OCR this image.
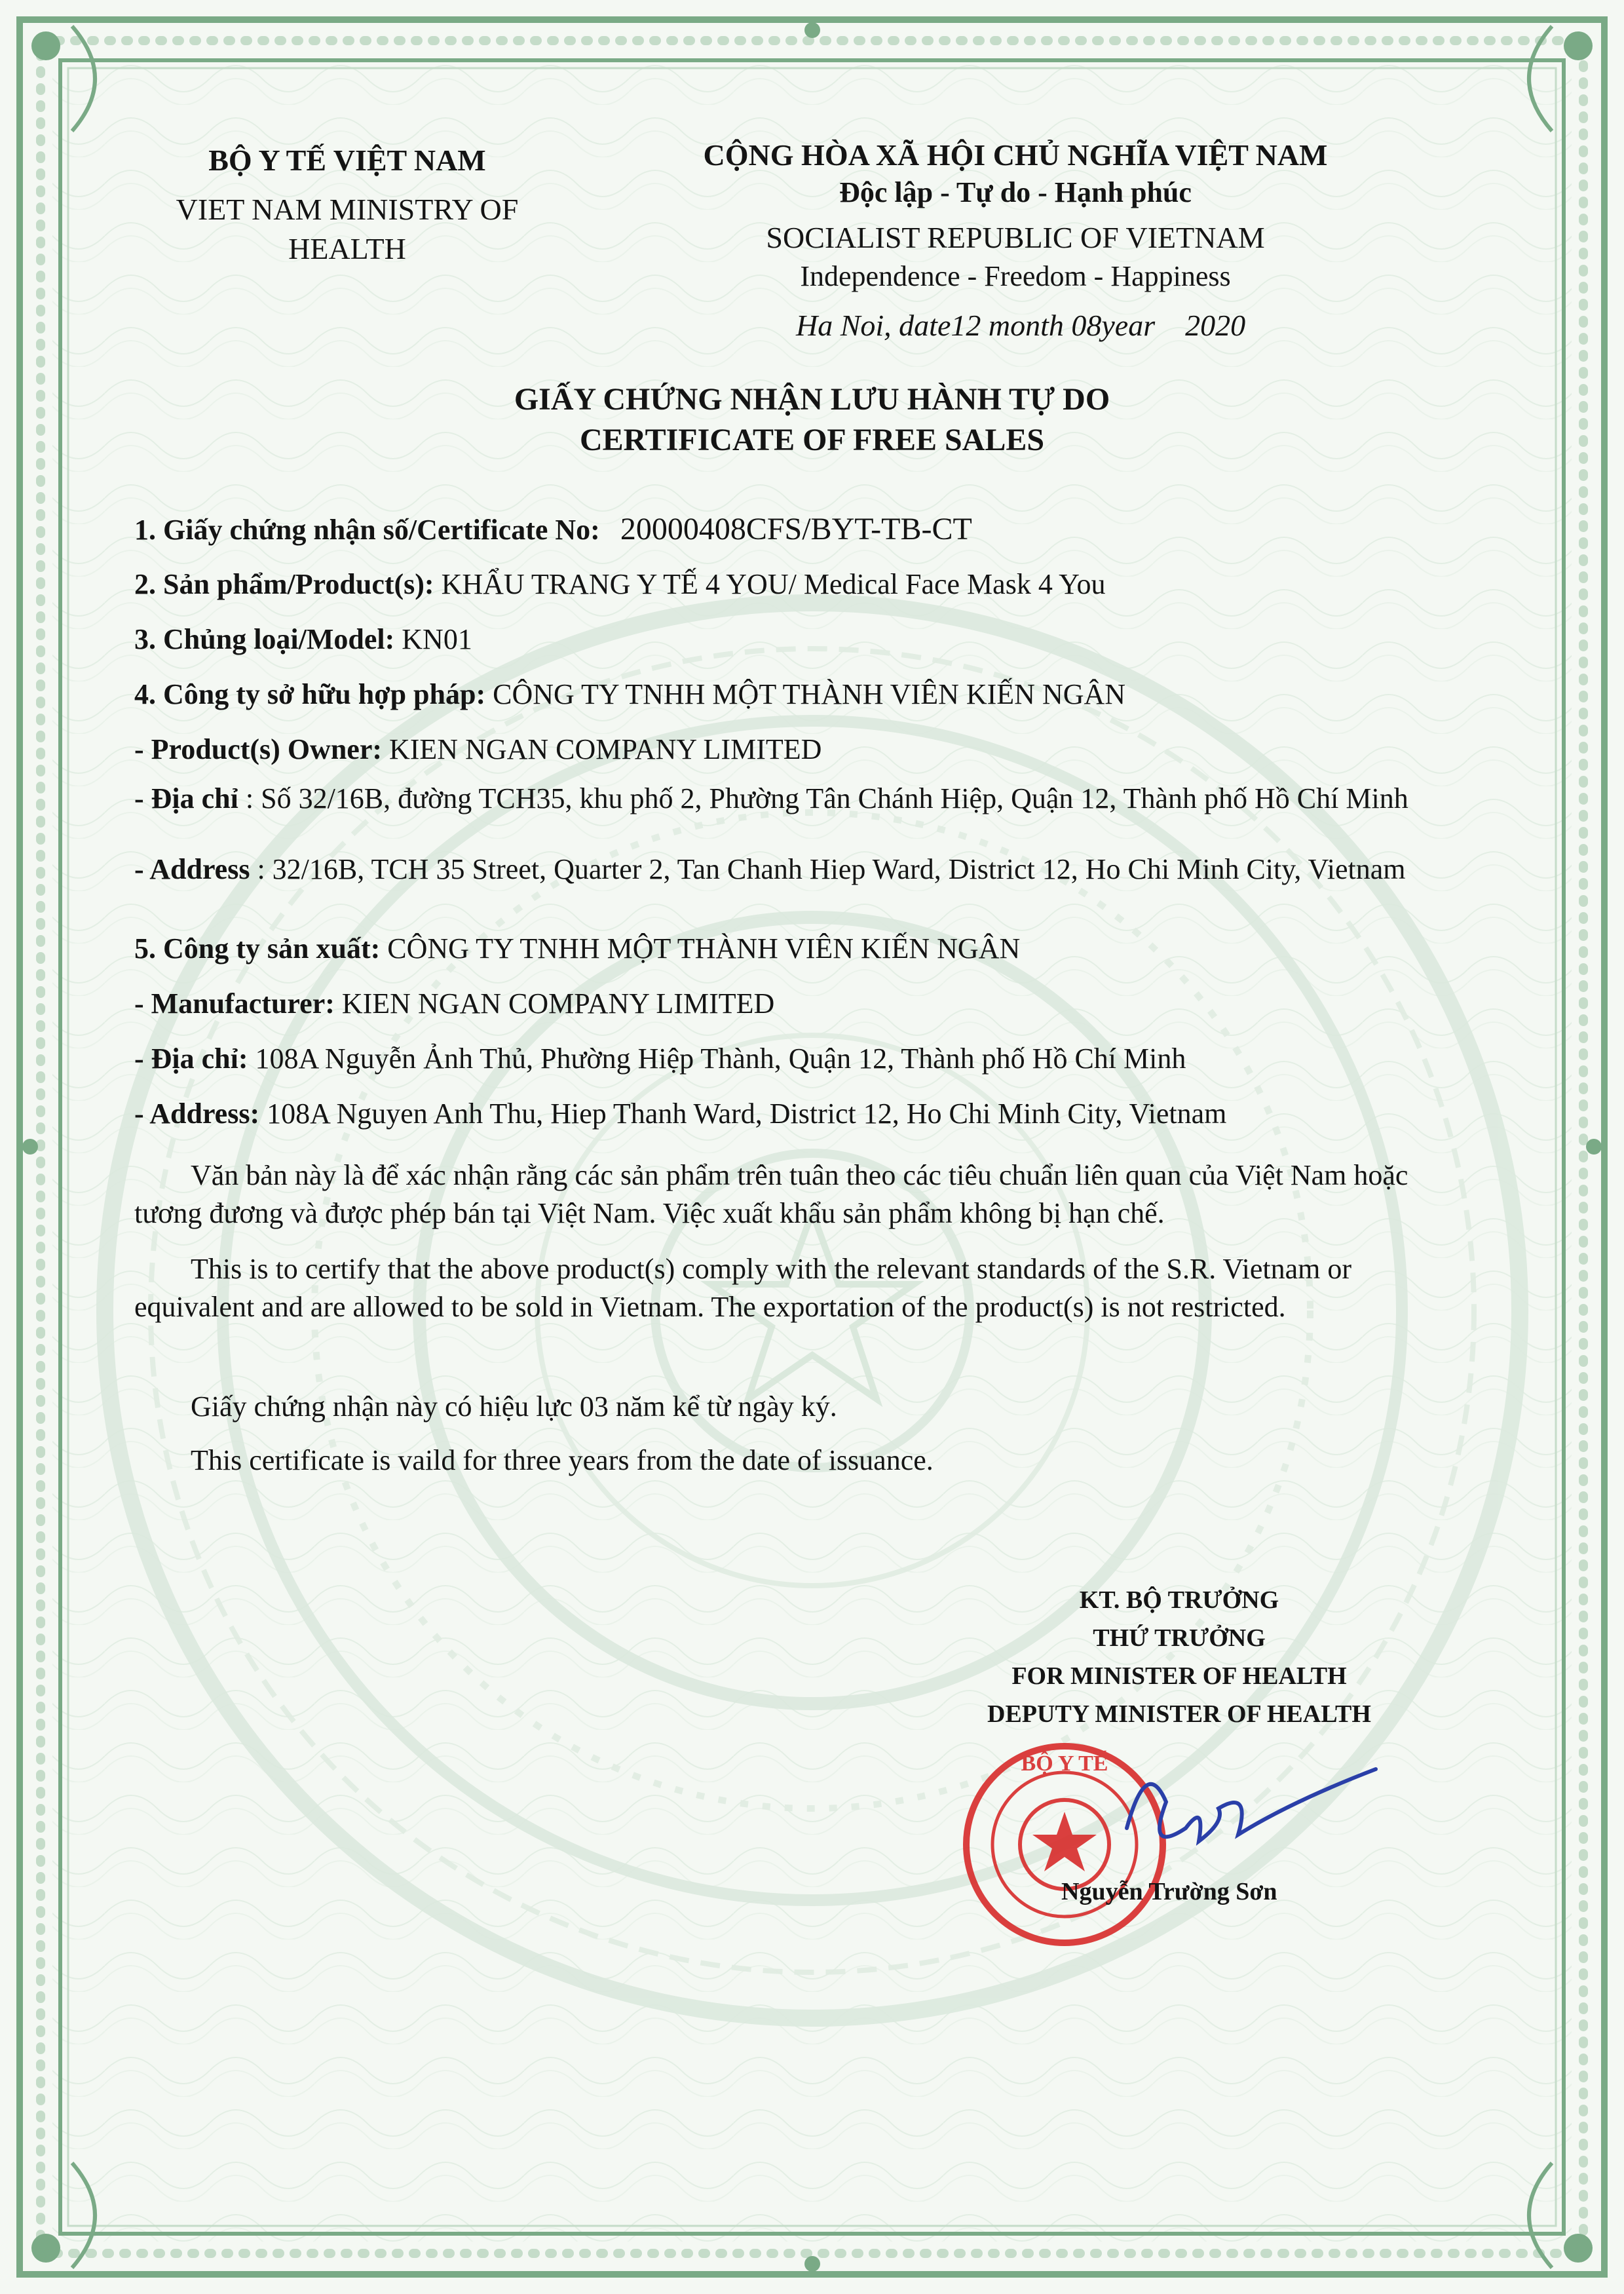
BỘ Y TẾ VIỆT NAM
VIET NAM MINISTRY OF HEALTH
CỘNG HÒA XÃ HỘI CHỦ NGHĨA VIỆT NAM
Độc lập - Tự do - Hạnh phúc
SOCIALIST REPUBLIC OF VIETNAM
Independence - Freedom - Happiness
Ha Noi, date12 month 08year 2020
GIẤY CHỨNG NHẬN LƯU HÀNH TỰ DO
CERTIFICATE OF FREE SALES
1. Giấy chứng nhận số/Certificate No: 20000408CFS/BYT-TB-CT
2. Sản phẩm/Product(s): KHẨU TRANG Y TẾ 4 YOU/ Medical Face Mask 4 You
3. Chủng loại/Model: KN01
4. Công ty sở hữu hợp pháp: CÔNG TY TNHH MỘT THÀNH VIÊN KIẾN NGÂN
- Product(s) Owner: KIEN NGAN COMPANY LIMITED
- Địa chỉ : Số 32/16B, đường TCH35, khu phố 2, Phường Tân Chánh Hiệp, Quận 12, Thành phố Hồ Chí Minh
- Address : 32/16B, TCH 35 Street, Quarter 2, Tan Chanh Hiep Ward, District 12, Ho Chi Minh City, Vietnam
5. Công ty sản xuất: CÔNG TY TNHH MỘT THÀNH VIÊN KIẾN NGÂN
- Manufacturer: KIEN NGAN COMPANY LIMITED
- Địa chỉ: 108A Nguyễn Ảnh Thủ, Phường Hiệp Thành, Quận 12, Thành phố Hồ Chí Minh
- Address: 108A Nguyen Anh Thu, Hiep Thanh Ward, District 12, Ho Chi Minh City, Vietnam
Văn bản này là để xác nhận rằng các sản phẩm trên tuân theo các tiêu chuẩn liên quan của Việt Nam hoặc tương đương và được phép bán tại Việt Nam. Việc xuất khẩu sản phẩm không bị hạn chế.
This is to certify that the above product(s) comply with the relevant standards of the S.R. Vietnam or equivalent and are allowed to be sold in Vietnam. The exportation of the product(s) is not restricted.
Giấy chứng nhận này có hiệu lực 03 năm kể từ ngày ký.
This certificate is vaild for three years from the date of issuance.
KT. BỘ TRƯỞNG
THỨ TRƯỞNG
FOR MINISTER OF HEALTH
DEPUTY MINISTER OF HEALTH
BỘ Y TẾ
Nguyễn Trường Sơn
